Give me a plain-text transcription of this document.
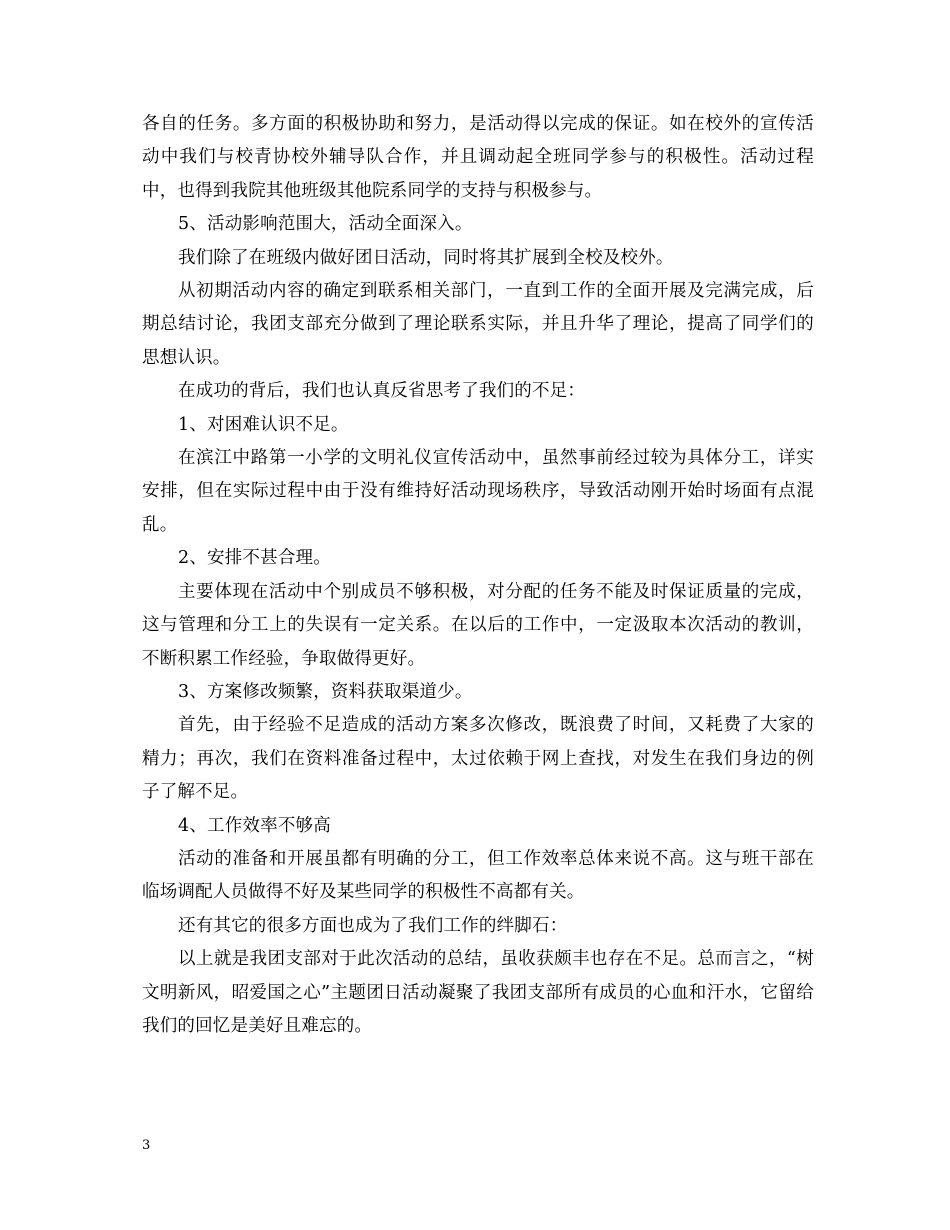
各自的任务。多方面的积极协助和努力，是活动得以完成的保证。如在校外的宣传活动中我们与校青协校外辅导队合作，并且调动起全班同学参与的积极性。活动过程中，也得到我院其他班级其他院系同学的支持与积极参与。

5、活动影响范围大，活动全面深入。

我们除了在班级内做好团日活动，同时将其扩展到全校及校外。

从初期活动内容的确定到联系相关部门，一直到工作的全面开展及完满完成，后期总结讨论，我团支部充分做到了理论联系实际，并且升华了理论，提高了同学们的思想认识。

在成功的背后，我们也认真反省思考了我们的不足：

1、对困难认识不足。

在滨江中路第一小学的文明礼仪宣传活动中，虽然事前经过较为具体分工，详实安排，但在实际过程中由于没有维持好活动现场秩序，导致活动刚开始时场面有点混乱。

2、安排不甚合理。

主要体现在活动中个别成员不够积极，对分配的任务不能及时保证质量的完成，这与管理和分工上的失误有一定关系。在以后的工作中，一定汲取本次活动的教训，不断积累工作经验，争取做得更好。

3、方案修改频繁，资料获取渠道少。

首先，由于经验不足造成的活动方案多次修改，既浪费了时间，又耗费了大家的精力；再次，我们在资料准备过程中，太过依赖于网上查找，对发生在我们身边的例子了解不足。

4、工作效率不够高

活动的准备和开展虽都有明确的分工，但工作效率总体来说不高。这与班干部在临场调配人员做得不好及某些同学的积极性不高都有关。

还有其它的很多方面也成为了我们工作的绊脚石：

以上就是我团支部对于此次活动的总结，虽收获颇丰也存在不足。总而言之，“树文明新风，昭爱国之心”主题团日活动凝聚了我团支部所有成员的心血和汗水，它留给我们的回忆是美好且难忘的。

3
